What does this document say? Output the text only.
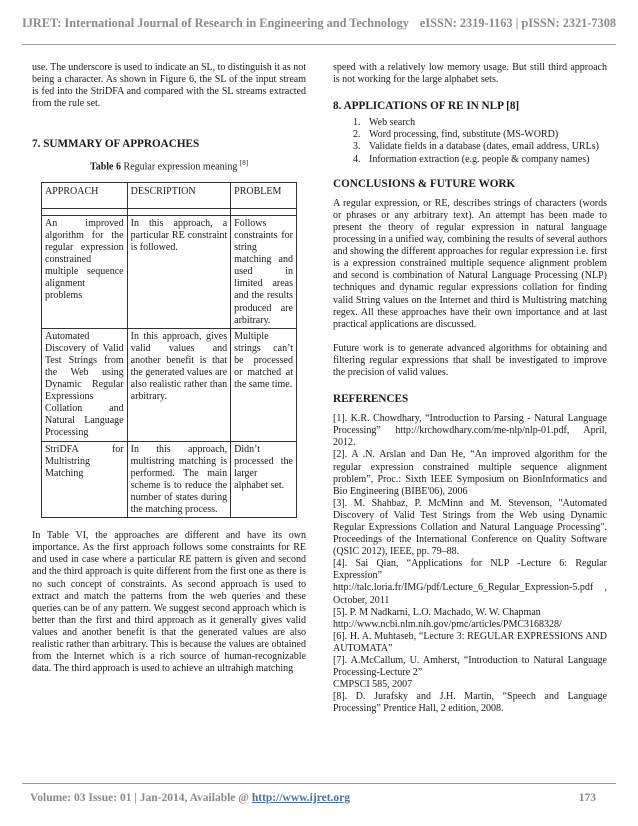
IJRET: International Journal of Research in Engineering and Technology eISSN: 2319-1163 | pISSN: 2321-7308

use. The underscore is used to indicate an SL, to distinguish it as not being a character. As shown in Figure 6, the SL of the input stream is fed into the StriDFA and compared with the SL streams extracted from the rule set.

7. SUMMARY OF APPROACHES
Table 6 Regular expression meaning [8]
APPROACH	DESCRIPTION	PROBLEM

An improved algorithm for the regular expression constrained multiple sequence alignment problems	In this approach, a particular RE constraint is followed.	Follows constraints for string matching and used in limited areas and the results produced are arbitrary.
Automated Discovery of Valid Test Strings from the Web using Dynamic Regular Expressions Collation and Natural Language Processing	In this approach, gives valid values and another benefit is that the generated values are also realistic rather than arbitrary.	Multiple strings can’t be processed or matched at the same time.
StriDFA for Multistring Matching	In this approach, multistring matching is performed. The main scheme is to reduce the number of states during the matching process.	Didn’t processed the larger alphabet set.

In Table VI, the approaches are different and have its own importance. As the first approach follows some constraints for RE and used in case where a particular RE pattern is given and second and the third approach is quite different from the first one as there is no such concept of constraints. As second approach is used to extract and match the patterns from the web queries and these queries can be of any pattern. We suggest second approach which is better than the first and third approach as it generally gives valid values and another benefit is that the generated values are also realistic rather than arbitrary. This is because the values are obtained from the Internet which is a rich source of human-recognizable data. The third approach is used to achieve an ultrahigh matching

speed with a relatively low memory usage. But still third approach is not working for the large alphabet sets.

8. APPLICATIONS OF RE IN NLP [8]
1. Web search
2. Word processing, find, substitute (MS-WORD)
3. Validate fields in a database (dates, email address, URLs)
4. Information extraction (e.g. people & company names)
CONCLUSIONS & FUTURE WORK

A regular expression, or RE, describes strings of characters (words or phrases or any arbitrary text). An attempt has been made to present the theory of regular expression in natural language processing in a unified way, combining the results of several authors and showing the different approaches for regular expression i.e. first is a expression constrained multiple sequence alignment problem and second is combination of Natural Language Processing (NLP) techniques and dynamic regular expressions collation for finding valid String values on the Internet and third is Multistring matching regex. All these approaches have their own importance and at last practical applications are discussed.

Future work is to generate advanced algorithms for obtaining and filtering regular expressions that shall be investigated to improve the precision of valid values.

REFERENCES

[1]. K.R. Chowdhary, “Introduction to Parsing - Natural Language Processing” http://krchowdhary.com/me-nlp/nlp-01.pdf, April, 2012.

[2]. A .N. Arslan and Dan He, “An improved algorithm for the regular expression constrained multiple sequence alignment problem”, Proc.: Sixth IEEE Symposium on BionInformatics and Bio Engineering (BIBE'06), 2006

[3]. M. Shahbaz, P. McMinn and M. Stevenson, "Automated Discovery of Valid Test Strings from the Web using Dynamic Regular Expressions Collation and Natural Language Processing". Proceedings of the International Conference on Quality Software (QSIC 2012), IEEE, pp. 79–88.

[4]. Sai Qian, “Applications for NLP -Lecture 6: Regular Expression”

http://talc.loria.fr/IMG/pdf/Lecture_6_Regular_Expression-5.pdf , October, 2011

[5]. P. M Nadkarni, L.O. Machado, W. W. Chapman

http://www.ncbi.nlm.nih.gov/pmc/articles/PMC3168328/

[6]. H. A. Muhtaseb, “Lecture 3: REGULAR EXPRESSIONS AND AUTOMATA”

[7]. A.McCallum, U. Amherst, “Introduction to Natural Language Processing-Lecture 2”

CMPSCI 585, 2007

[8]. D. Jurafsky and J.H. Martin, “Speech and Language Processing” Prentice Hall, 2 edition, 2008.

Volume: 03 Issue: 01 | Jan-2014, Available @ http://www.ijret.org	173
